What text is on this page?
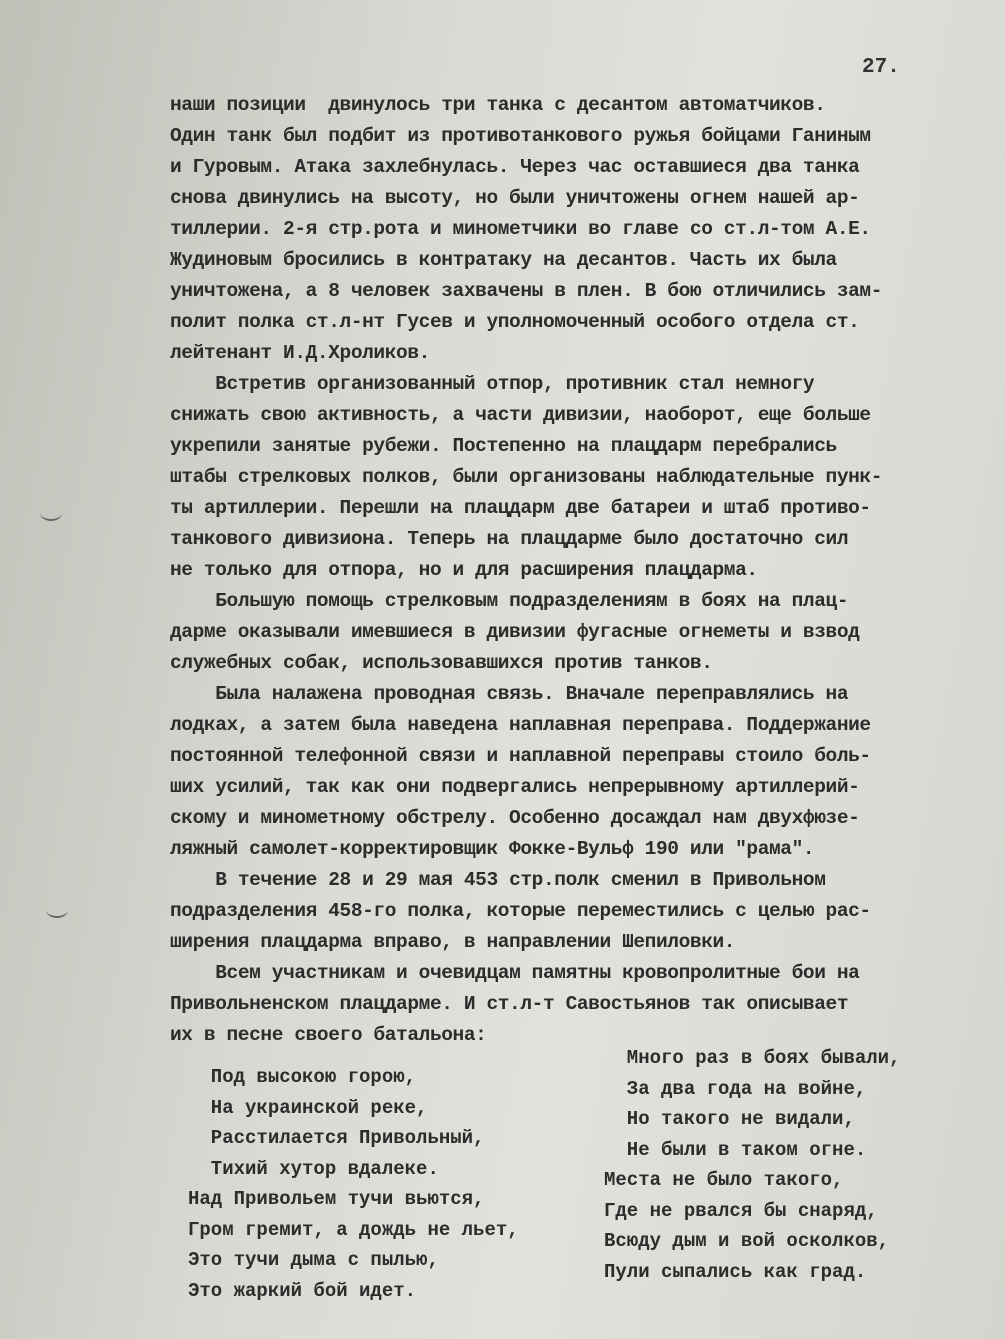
27.

наши позиции  двинулось три танка с десантом автоматчиков.

Один танк был подбит из противотанкового ружья бойцами Ганиным

и Гуровым. Атака захлебнулась. Через час оставшиеся два танка

снова двинулись на высоту, но были уничтожены огнем нашей ар-

тиллерии. 2-я стр.рота и минометчики во главе со ст.л-том А.Е.

Жудиновым бросились в контратаку на десантов. Часть их была

уничтожена, а 8 человек захвачены в плен. В бою отличились зам-

полит полка ст.л-нт Гусев и уполномоченный особого отдела ст.

лейтенант И.Д.Хроликов.

Встретив организованный отпор, противник стал немногу

снижать свою активность, а части дивизии, наоборот, еще больше

укрепили занятые рубежи. Постепенно на плацдарм перебрались

штабы стрелковых полков, были организованы наблюдательные пунк-

ты артиллерии. Перешли на плацдарм две батареи и штаб противо-

танкового дивизиона. Теперь на плацдарме было достаточно сил

не только для отпора, но и для расширения плацдарма.

Большую помощь стрелковым подразделениям в боях на плац-

дарме оказывали имевшиеся в дивизии фугасные огнеметы и взвод

служебных собак, использовавшихся против танков.

Была налажена проводная связь. Вначале переправлялись на

лодках, а затем была наведена наплавная переправа. Поддержание

постоянной телефонной связи и наплавной переправы стоило боль-

ших усилий, так как они подвергались непрерывному артиллерий-

скому и минометному обстрелу. Особенно досаждал нам двухфюзе-

ляжный самолет-корректировщик Фокке-Вульф 190 или "рама".

В течение 28 и 29 мая 453 стр.полк сменил в Привольном

подразделения 458-го полка, которые переместились с целью рас-

ширения плацдарма вправо, в направлении Шепиловки.

Всем участникам и очевидцам памятны кровопролитные бои на

Привольненском плацдарме. И ст.л-т Савостьянов так описывает

их в песне своего батальона:

Под высокою горою,
На украинской реке,
Расстилается Привольный,
Тихий хутор вдалеке.
Над Привольем тучи вьются,
Гром гремит, а дождь не льет,
Это тучи дыма с пылью,
Это жаркий бой идет.
Много раз в боях бывали,
За два года на войне,
Но такого не видали,
Не были в таком огне.
Места не было такого,
Где не рвался бы снаряд,
Всюду дым и вой осколков,
Пули сыпались как град.
